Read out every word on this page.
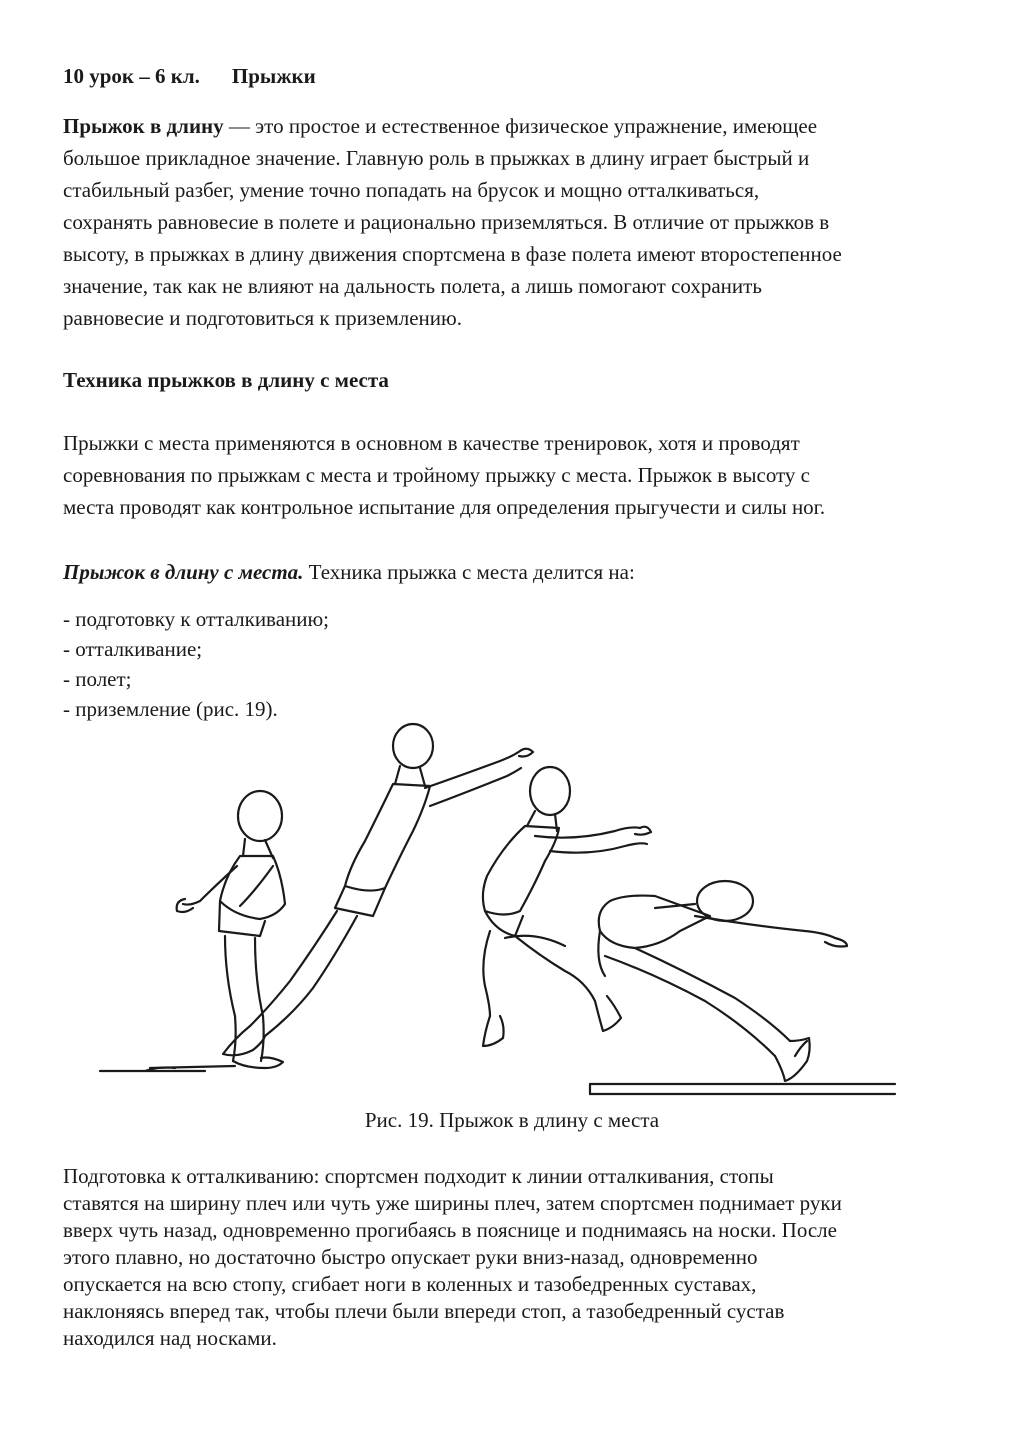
10 урок – 6 кл. Прыжки

Прыжок в длину — это простое и естественное физическое упражнение, имеющее
большое прикладное значение. Главную роль в прыжках в длину играет быстрый и
стабильный разбег, умение точно попадать на брусок и мощно отталкиваться,
сохранять равновесие в полете и рационально приземляться. В отличие от прыжков в
высоту, в прыжках в длину движения спортсмена в фазе полета имеют второстепенное
значение, так как не влияют на дальность полета, а лишь помогают сохранить
равновесие и подготовиться к приземлению.

Техника прыжков в длину с места

Прыжки с места применяются в основном в качестве тренировок, хотя и проводят
соревнования по прыжкам с места и тройному прыжку с места. Прыжок в высоту с
места проводят как контрольное испытание для определения прыгучести и силы ног.

Прыжок в длину с места. Техника прыжка с места делится на:

- подготовку к отталкиванию;
- отталкивание;
- полет;
- приземление (рис. 19).

Рис. 19. Прыжок в длину с места

Подготовка к отталкиванию: спортсмен подходит к линии отталкивания, стопы
ставятся на ширину плеч или чуть уже ширины плеч, затем спортсмен поднимает руки
вверх чуть назад, одновременно прогибаясь в пояснице и поднимаясь на носки. После
этого плавно, но достаточно быстро опускает руки вниз-назад, одновременно
опускается на всю стопу, сгибает ноги в коленных и тазобедренных суставах,
наклоняясь вперед так, чтобы плечи были впереди стоп, а тазобедренный сустав
находился над носками.
